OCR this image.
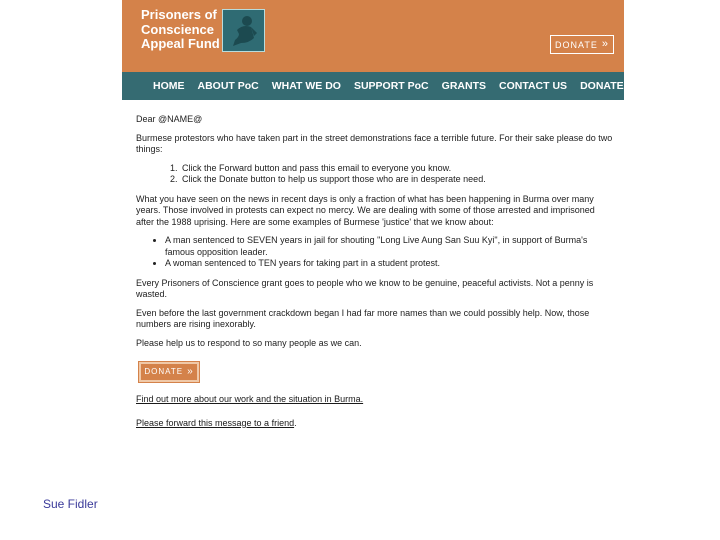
Prisoners of
Conscience
Appeal Fund	DONATE »
HOME ABOUT PoC WHAT WE DO SUPPORT PoC GRANTS CONTACT US DONATE

Dear @NAME@

Burmese protestors who have taken part in the street demonstrations face a terrible future. For their sake please do two things:

1. Click the Forward button and pass this email to everyone you know.
2. Click the Donate button to help us support those who are in desperate need.

What you have seen on the news in recent days is only a fraction of what has been happening in Burma over many years. Those involved in protests can expect no mercy. We are dealing with some of those arrested and imprisoned after the 1988 uprising. Here are some examples of Burmese 'justice' that we know about:

• A man sentenced to SEVEN years in jail for shouting "Long Live Aung San Suu Kyi", in support of Burma's famous opposition leader.
• A woman sentenced to TEN years for taking part in a student protest.

Every Prisoners of Conscience grant goes to people who we know to be genuine, peaceful activists. Not a penny is wasted.

Even before the last government crackdown began I had far more names than we could possibly help. Now, those numbers are rising inexorably.

Please help us to respond to so many people as we can.

DONATE »
Find out more about our work and the situation in Burma.
Please forward this message to a friend.
Sue Fidler
